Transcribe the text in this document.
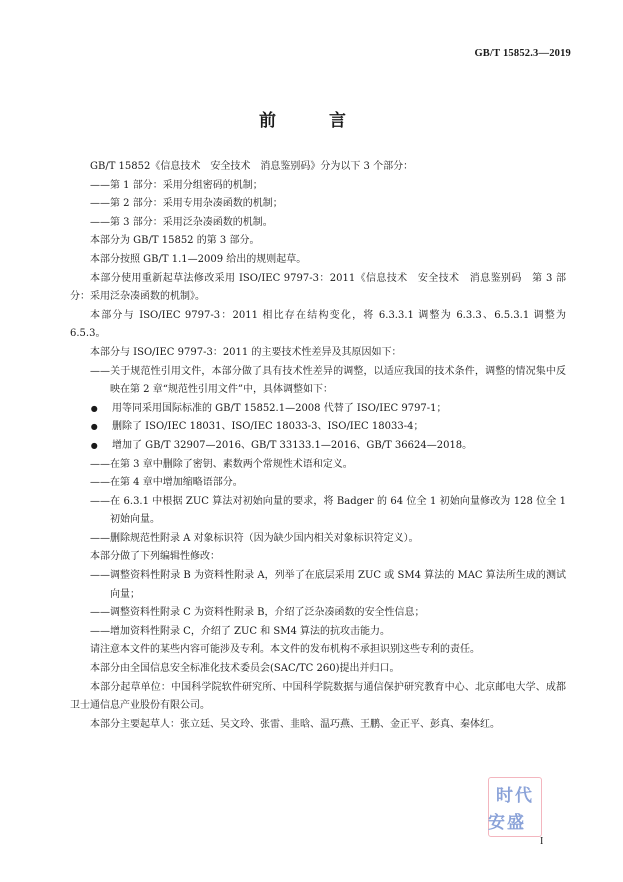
GB/T 15852.3—2019
前　言

GB/T 15852《信息技术　安全技术　消息鉴别码》分为以下 3 个部分：

——第 1 部分：采用分组密码的机制；

——第 2 部分：采用专用杂凑函数的机制；

——第 3 部分：采用泛杂凑函数的机制。

本部分为 GB/T 15852 的第 3 部分。

本部分按照 GB/T 1.1—2009 给出的规则起草。

本部分使用重新起草法修改采用 ISO/IEC 9797-3：2011《信息技术　安全技术　消息鉴别码　第 3 部分：采用泛杂凑函数的机制》。

本部分与 ISO/IEC 9797-3：2011 相比存在结构变化，将 6.3.3.1 调整为 6.3.3、6.5.3.1 调整为 6.5.3。

本部分与 ISO/IEC 9797-3：2011 的主要技术性差异及其原因如下：

——关于规范性引用文件，本部分做了具有技术性差异的调整，以适应我国的技术条件，调整的情况集中反映在第 2 章“规范性引用文件”中，具体调整如下：

● 用等同采用国际标准的 GB/T 15852.1—2008 代替了 ISO/IEC 9797-1；

● 删除了 ISO/IEC 18031、ISO/IEC 18033-3、ISO/IEC 18033-4；

● 增加了 GB/T 32907—2016、GB/T 33133.1—2016、GB/T 36624—2018。

——在第 3 章中删除了密钥、素数两个常规性术语和定义。

——在第 4 章中增加缩略语部分。

——在 6.3.1 中根据 ZUC 算法对初始向量的要求，将 Badger 的 64 位全 1 初始向量修改为 128 位全 1 初始向量。

——删除规范性附录 A 对象标识符（因为缺少国内相关对象标识符定义）。

本部分做了下列编辑性修改：

——调整资料性附录 B 为资料性附录 A，列举了在底层采用 ZUC 或 SM4 算法的 MAC 算法所生成的测试向量；

——调整资料性附录 C 为资料性附录 B，介绍了泛杂凑函数的安全性信息；

——增加资料性附录 C，介绍了 ZUC 和 SM4 算法的抗攻击能力。

请注意本文件的某些内容可能涉及专利。本文件的发布机构不承担识别这些专利的责任。

本部分由全国信息安全标准化技术委员会(SAC/TC 260)提出并归口。

本部分起草单位：中国科学院软件研究所、中国科学院数据与通信保护研究教育中心、北京邮电大学、成都卫士通信息产业股份有限公司。

本部分主要起草人：张立廷、吴文玲、张雷、韭晗、温巧燕、王鹏、金正平、彭真、秦体红。

时代
安盛
I
